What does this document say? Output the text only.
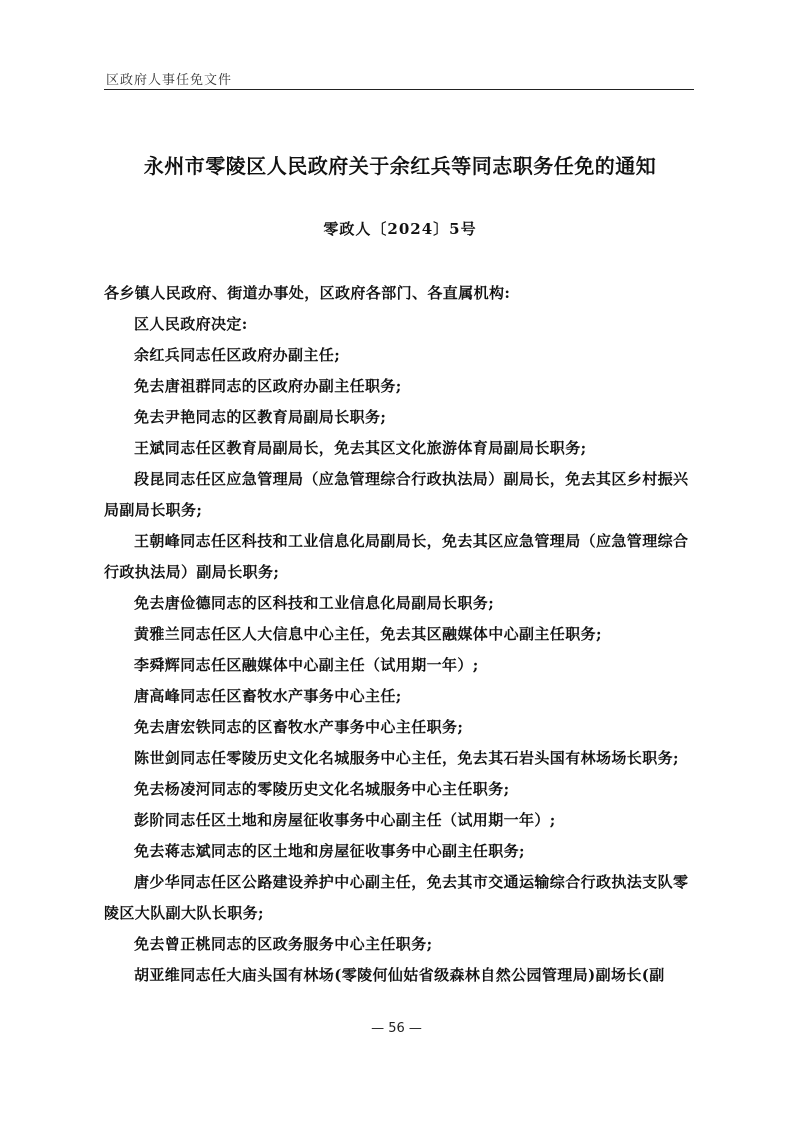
区政府人事任免文件
永州市零陵区人民政府关于余红兵等同志职务任免的通知
零政人〔2024〕5号

各乡镇人民政府、街道办事处，区政府各部门、各直属机构:

区人民政府决定:

余红兵同志任区政府办副主任;

免去唐祖群同志的区政府办副主任职务;

免去尹艳同志的区教育局副局长职务;

王斌同志任区教育局副局长，免去其区文化旅游体育局副局长职务;

段昆同志任区应急管理局（应急管理综合行政执法局）副局长，免去其区乡村振兴局副局长职务;

王朝峰同志任区科技和工业信息化局副局长，免去其区应急管理局（应急管理综合行政执法局）副局长职务;

免去唐俭德同志的区科技和工业信息化局副局长职务;

黄雅兰同志任区人大信息中心主任，免去其区融媒体中心副主任职务;

李舜辉同志任区融媒体中心副主任（试用期一年）;

唐高峰同志任区畜牧水产事务中心主任;

免去唐宏铁同志的区畜牧水产事务中心主任职务;

陈世剑同志任零陵历史文化名城服务中心主任，免去其石岩头国有林场场长职务;

免去杨凌河同志的零陵历史文化名城服务中心主任职务;

彭阶同志任区土地和房屋征收事务中心副主任（试用期一年）;

免去蒋志斌同志的区土地和房屋征收事务中心副主任职务;

唐少华同志任区公路建设养护中心副主任，免去其市交通运输综合行政执法支队零陵区大队副大队长职务;

免去曾正桃同志的区政务服务中心主任职务;

胡亚维同志任大庙头国有林场(零陵何仙姑省级森林自然公园管理局)副场长(副

— 56 —
